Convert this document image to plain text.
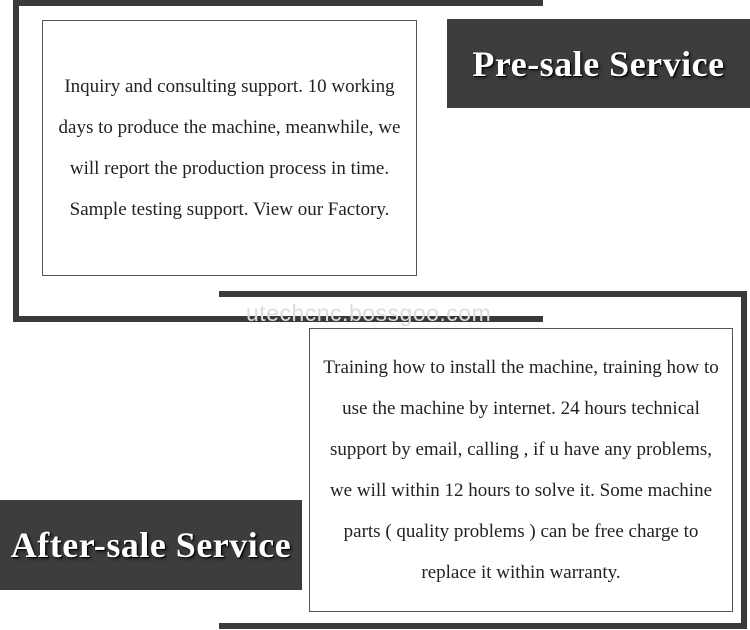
utechcnc.bossgoo.com
Inquiry and consulting support. 10 working days to produce the machine, meanwhile, we will report the production process in time. Sample testing support. View our Factory.
Pre-sale Service
Training how to install the machine, training how to use the machine by internet. 24 hours technical support by email, calling , if u have any problems, we will within 12 hours to solve it. Some machine parts ( quality problems ) can be free charge to replace it within warranty.
After-sale Service
